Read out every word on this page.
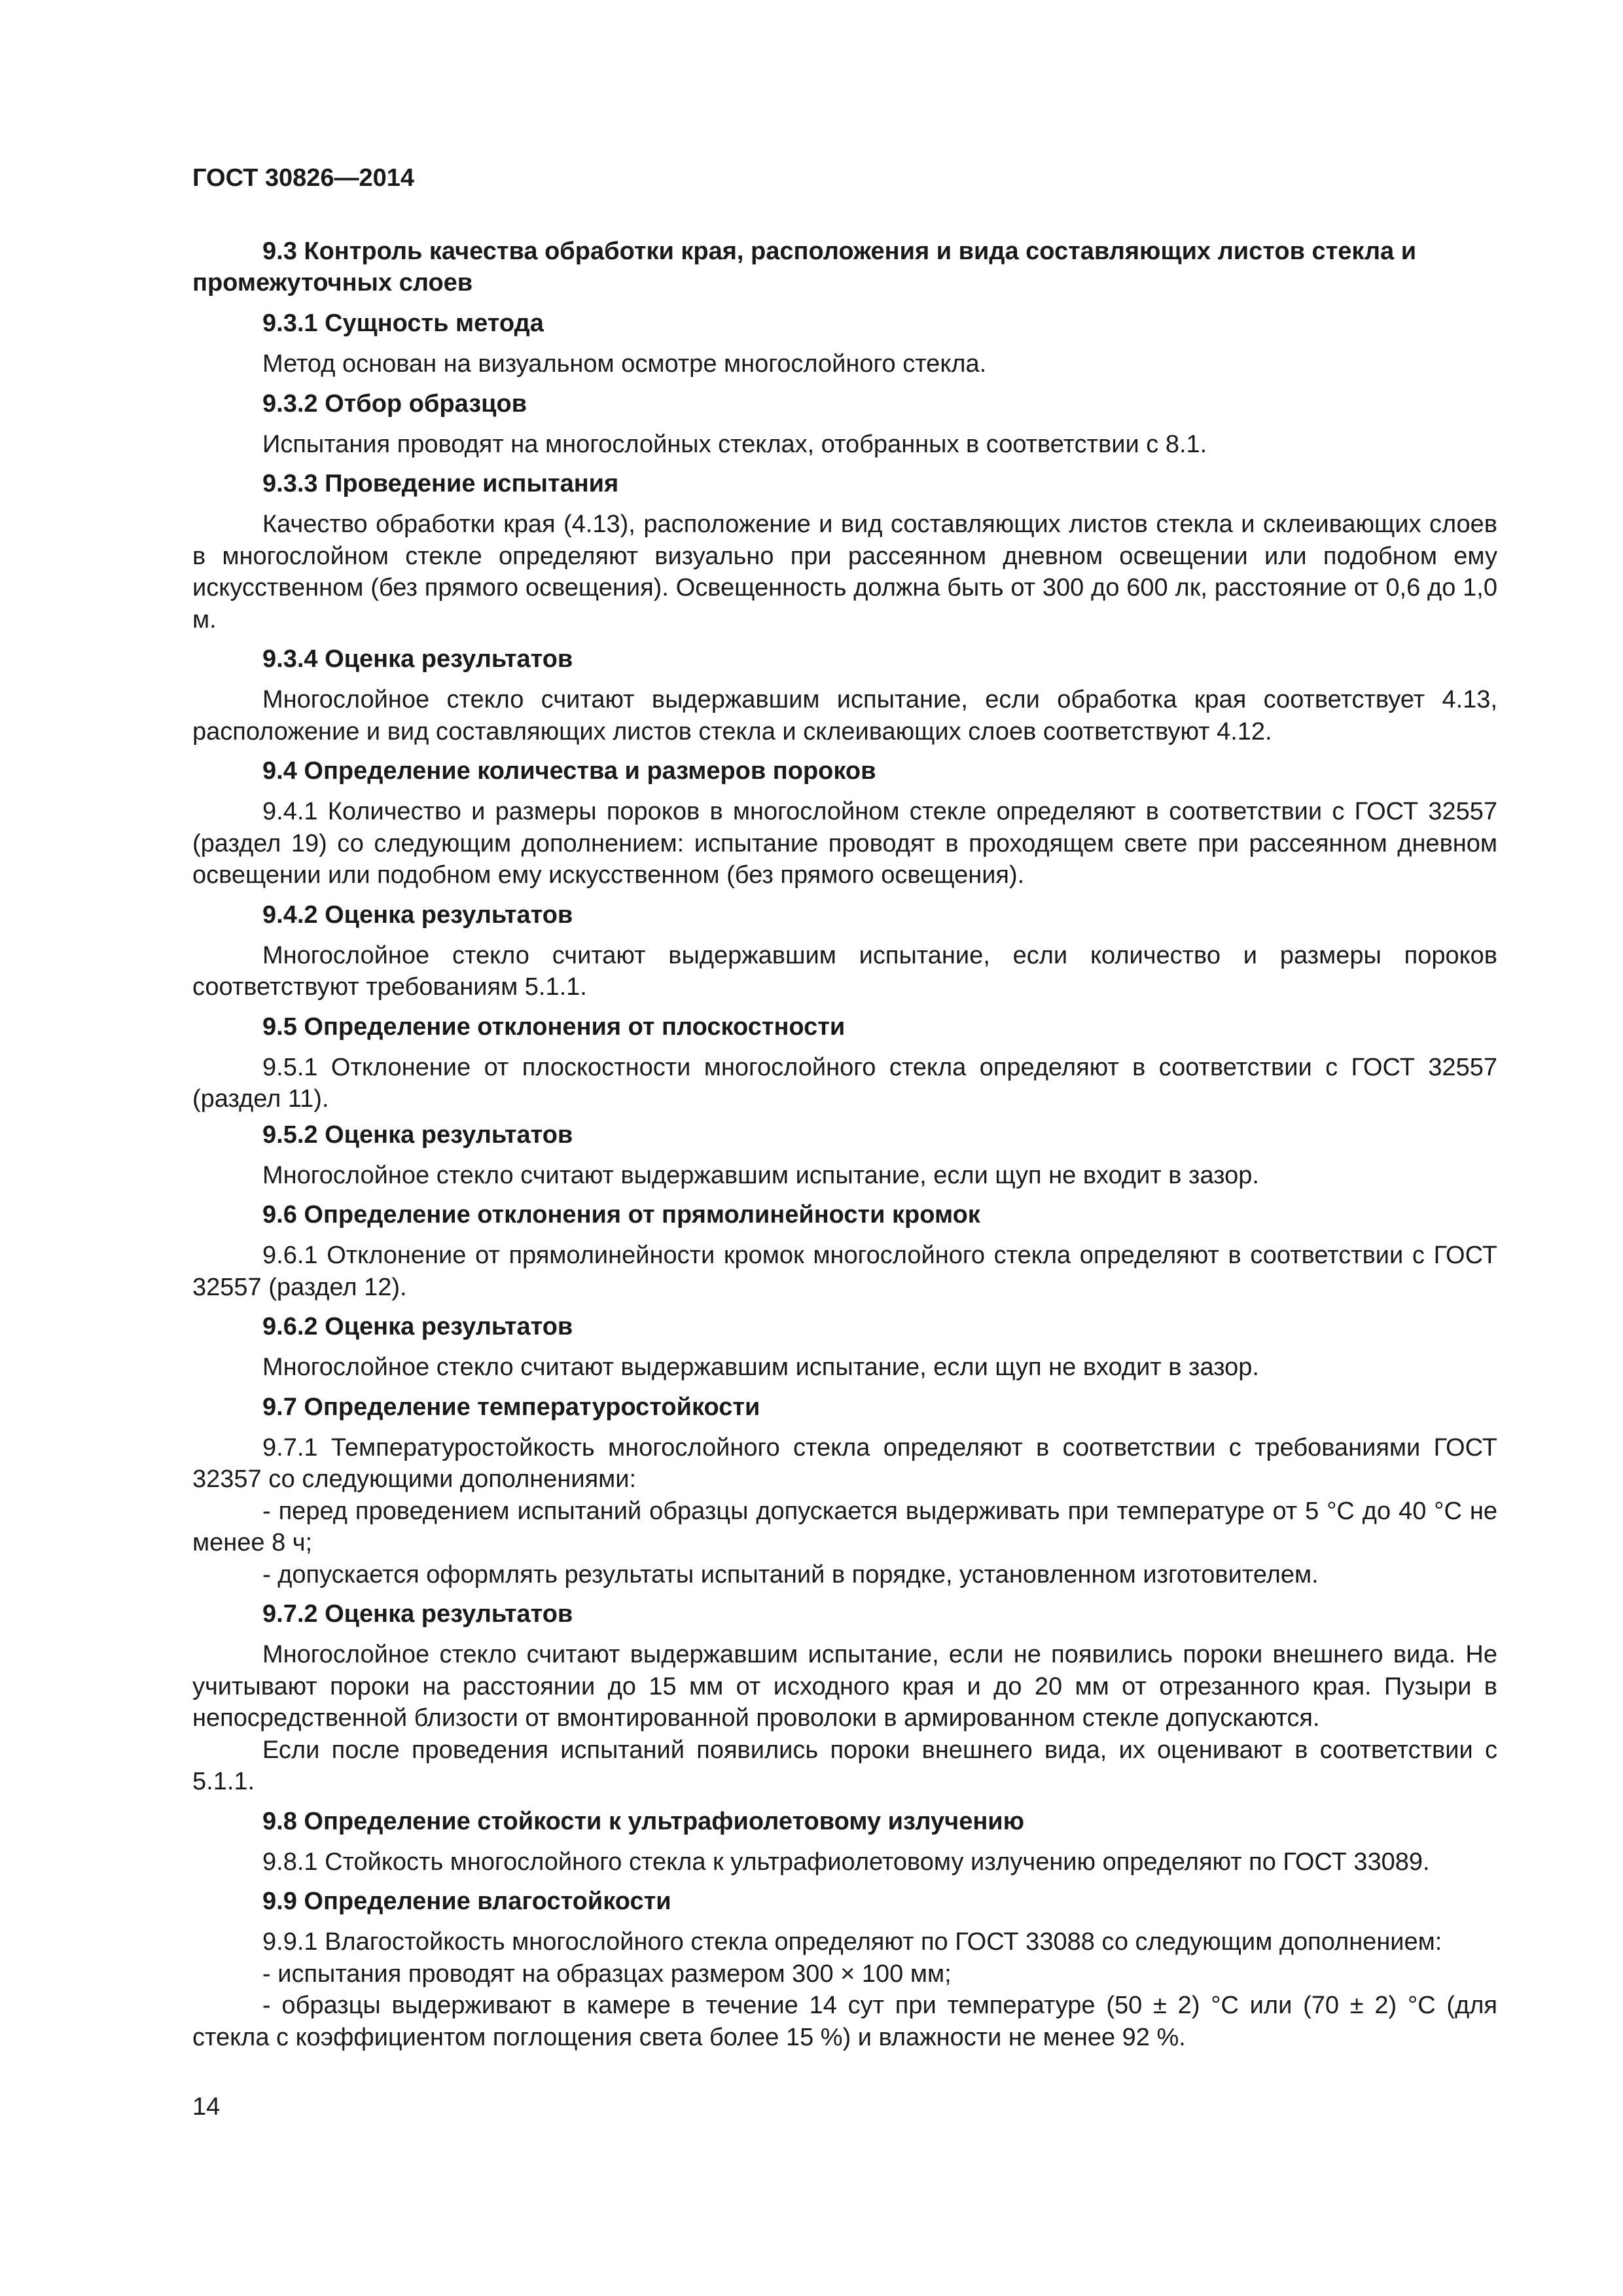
ГОСТ 30826—2014

9.3 Контроль качества обработки края, расположения и вида составляющих листов стекла и промежуточных слоев

9.3.1 Сущность метода

Метод основан на визуальном осмотре многослойного стекла.

9.3.2 Отбор образцов

Испытания проводят на многослойных стеклах, отобранных в соответствии с 8.1.

9.3.3 Проведение испытания

Качество обработки края (4.13), расположение и вид составляющих листов стекла и склеивающих слоев в многослойном стекле определяют визуально при рассеянном дневном освещении или подобном ему искусственном (без прямого освещения). Освещенность должна быть от 300 до 600 лк, расстояние от 0,6 до 1,0 м.

9.3.4 Оценка результатов

Многослойное стекло считают выдержавшим испытание, если обработка края соответствует 4.13, расположение и вид составляющих листов стекла и склеивающих слоев соответствуют 4.12.

9.4 Определение количества и размеров пороков

9.4.1 Количество и размеры пороков в многослойном стекле определяют в соответствии с ГОСТ 32557 (раздел 19) со следующим дополнением: испытание проводят в проходящем свете при рассеянном дневном освещении или подобном ему искусственном (без прямого освещения).

9.4.2 Оценка результатов

Многослойное стекло считают выдержавшим испытание, если количество и размеры пороков соответствуют требованиям 5.1.1.

9.5 Определение отклонения от плоскостности

9.5.1 Отклонение от плоскостности многослойного стекла определяют в соответствии с ГОСТ 32557 (раздел 11).

9.5.2 Оценка результатов

Многослойное стекло считают выдержавшим испытание, если щуп не входит в зазор.

9.6 Определение отклонения от прямолинейности кромок

9.6.1 Отклонение от прямолинейности кромок многослойного стекла определяют в соответствии с ГОСТ 32557 (раздел 12).

9.6.2 Оценка результатов

Многослойное стекло считают выдержавшим испытание, если щуп не входит в зазор.

9.7 Определение температуростойкости

9.7.1 Температуростойкость многослойного стекла определяют в соответствии с требованиями ГОСТ 32357 со следующими дополнениями:

- перед проведением испытаний образцы допускается выдерживать при температуре от 5 °С до 40 °С не менее 8 ч;

- допускается оформлять результаты испытаний в порядке, установленном изготовителем.

9.7.2 Оценка результатов

Многослойное стекло считают выдержавшим испытание, если не появились пороки внешнего вида. Не учитывают пороки на расстоянии до 15 мм от исходного края и до 20 мм от отрезанного края. Пузыри в непосредственной близости от вмонтированной проволоки в армированном стекле допускаются.

Если после проведения испытаний появились пороки внешнего вида, их оценивают в соответствии с 5.1.1.

9.8 Определение стойкости к ультрафиолетовому излучению

9.8.1 Стойкость многослойного стекла к ультрафиолетовому излучению определяют по ГОСТ 33089.

9.9 Определение влагостойкости

9.9.1 Влагостойкость многослойного стекла определяют по ГОСТ 33088 со следующим дополнением:

- испытания проводят на образцах размером 300 × 100 мм;

- образцы выдерживают в камере в течение 14 сут при температуре (50 ± 2) °С или (70 ± 2) °С (для стекла с коэффициентом поглощения света более 15 %) и влажности не менее 92 %.

14
